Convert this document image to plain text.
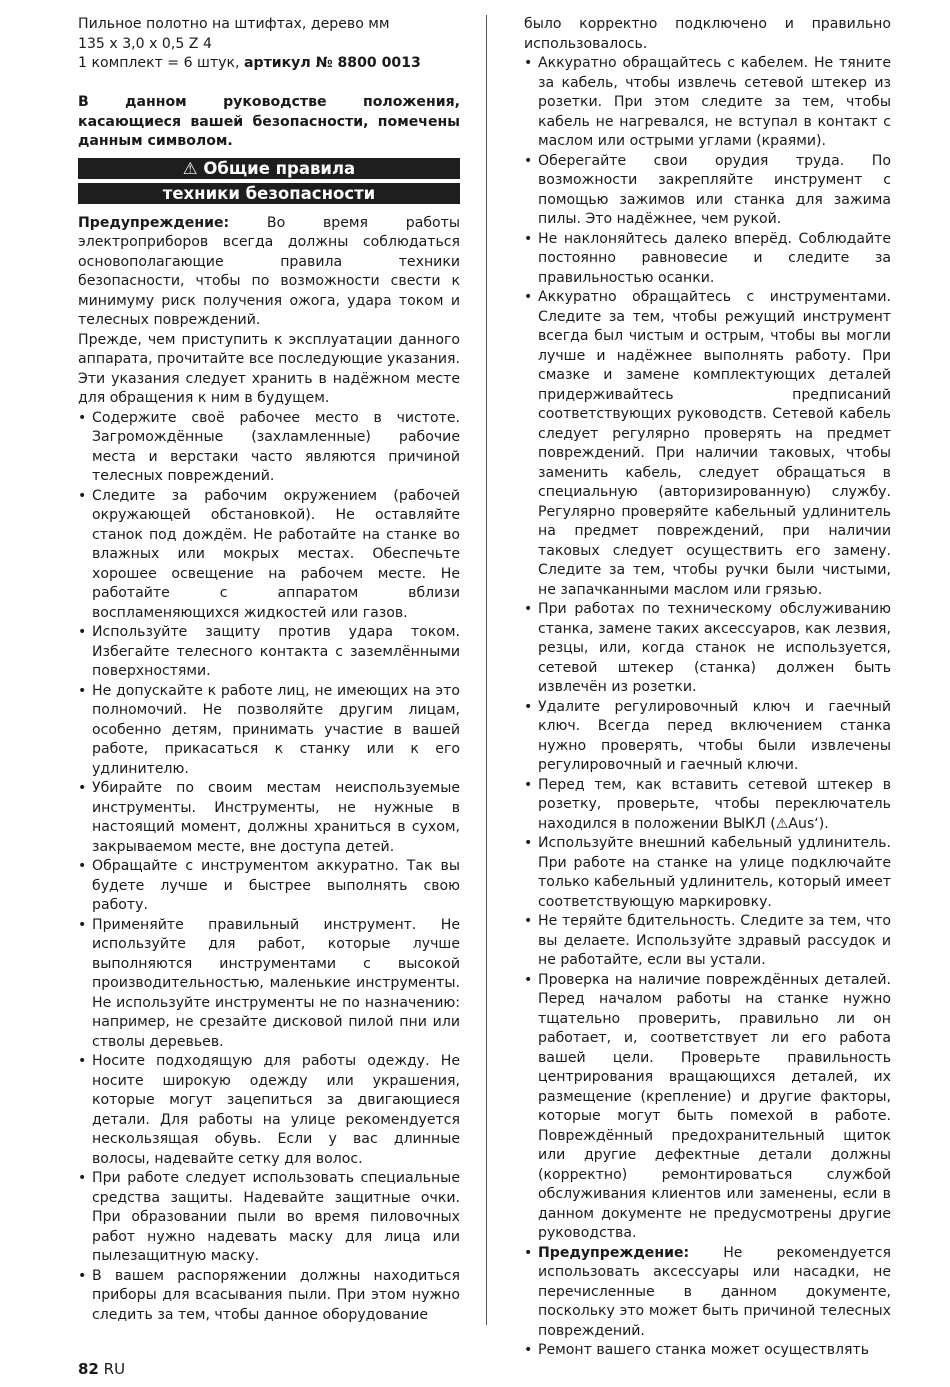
Пильное полотно на штифтах, дерево мм

135 x 3,0 x 0,5 Z 4

1 комплект = 6 штук, артикул № 8800 0013

В данном руководстве положения, касающиеся вашей безопасности, помечены данным символом.

⚠ Общие правила
техники безопасности

Предупреждение: Во время работы электроприборов всегда должны соблюдаться основополагающие правила техники безопасности, чтобы по возможности свести к минимуму риск получения ожога, удара током и телесных повреждений.

Прежде, чем приступить к эксплуатации данного аппарата, прочитайте все последующие указания. Эти указания следует хранить в надёжном месте для обращения к ним в будущем.

• Содержите своё рабочее место в чистоте. Загромождённые (захламленные) рабочие места и верстаки часто являются причиной телесных повреждений.
• Следите за рабочим окружением (рабочей окружающей обстановкой). Не оставляйте станок под дождём. Не работайте на станке во влажных или мокрых местах. Обеспечьте хорошее освещение на рабочем месте. Не работайте с аппаратом вблизи воспламеняющихся жидкостей или газов.
• Используйте защиту против удара током. Избегайте телесного контакта с заземлёнными поверхностями.
• Не допускайте к работе лиц, не имеющих на это полномочий. Не позволяйте другим лицам, особенно детям, принимать участие в вашей работе, прикасаться к станку или к его удлинителю.
• Убирайте по своим местам неиспользуемые инструменты. Инструменты, не нужные в настоящий момент, должны храниться в сухом, закрываемом месте, вне доступа детей.
• Обращайте с инструментом аккуратно. Так вы будете лучше и быстрее выполнять свою работу.
• Применяйте правильный инструмент. Не используйте для работ, которые лучше выполняются инструментами с высокой производительностью, маленькие инструменты. Не используйте инструменты не по назначению: например, не срезайте дисковой пилой пни или стволы деревьев.
• Носите подходящую для работы одежду. Не носите широкую одежду или украшения, которые могут зацепиться за двигающиеся детали. Для работы на улице рекомендуется нескользящая обувь. Если у вас длинные волосы, надевайте сетку для волос.
• При работе следует использовать специальные средства защиты. Надевайте защитные очки. При образовании пыли во время пиловочных работ нужно надевать маску для лица или пылезащитную маску.
• В вашем распоряжении должны находиться приборы для всасывания пыли. При этом нужно следить за тем, чтобы данное оборудование
было корректно подключено и правильно использовалось.
• Аккуратно обращайтесь с кабелем. Не тяните за кабель, чтобы извлечь сетевой штекер из розетки. При этом следите за тем, чтобы кабель не нагревался, не вступал в контакт с маслом или острыми углами (краями).
• Оберегайте свои орудия труда. По возможности закрепляйте инструмент с помощью зажимов или станка для зажима пилы. Это надёжнее, чем рукой.
• Не наклоняйтесь далеко вперёд. Соблюдайте постоянно равновесие и следите за правильностью осанки.
• Аккуратно обращайтесь с инструментами. Следите за тем, чтобы режущий инструмент всегда был чистым и острым, чтобы вы могли лучше и надёжнее выполнять работу. При смазке и замене комплектующих деталей придерживайтесь предписаний соответствующих руководств. Сетевой кабель следует регулярно проверять на предмет повреждений. При наличии таковых, чтобы заменить кабель, следует обращаться в специальную (авторизированную) службу. Регулярно проверяйте кабельный удлинитель на предмет повреждений, при наличии таковых следует осуществить его замену. Следите за тем, чтобы ручки были чистыми, не запачканными маслом или грязью.
• При работах по техническому обслуживанию станка, замене таких аксессуаров, как лезвия, резцы, или, когда станок не используется, сетевой штекер (станка) должен быть извлечён из розетки.
• Удалите регулировочный ключ и гаечный ключ. Всегда перед включением станка нужно проверять, чтобы были извлечены регулировочный и гаечный ключи.
• Перед тем, как вставить сетевой штекер в розетку, проверьте, чтобы переключатель находился в положении ВЫКЛ (⚠Aus‘).
• Используйте внешний кабельный удлинитель. При работе на станке на улице подключайте только кабельный удлинитель, который имеет соответствующую маркировку.
• Не теряйте бдительность. Следите за тем, что вы делаете. Используйте здравый рассудок и не работайте, если вы устали.
• Проверка на наличие повреждённых деталей. Перед началом работы на станке нужно тщательно проверить, правильно ли он работает, и, соответствует ли его работа вашей цели. Проверьте правильность центрирования вращающихся деталей, их размещение (крепление) и другие факторы, которые могут быть помехой в работе. Повреждённый предохранительный щиток или другие дефектные детали должны (корректно) ремонтироваться службой обслуживания клиентов или заменены, если в данном документе не предусмотрены другие руководства.
• Предупреждение: Не рекомендуется использовать аксессуары или насадки, не перечисленные в данном документе, поскольку это может быть причиной телесных повреждений.
• Ремонт вашего станка может осуществлять
82 RU
